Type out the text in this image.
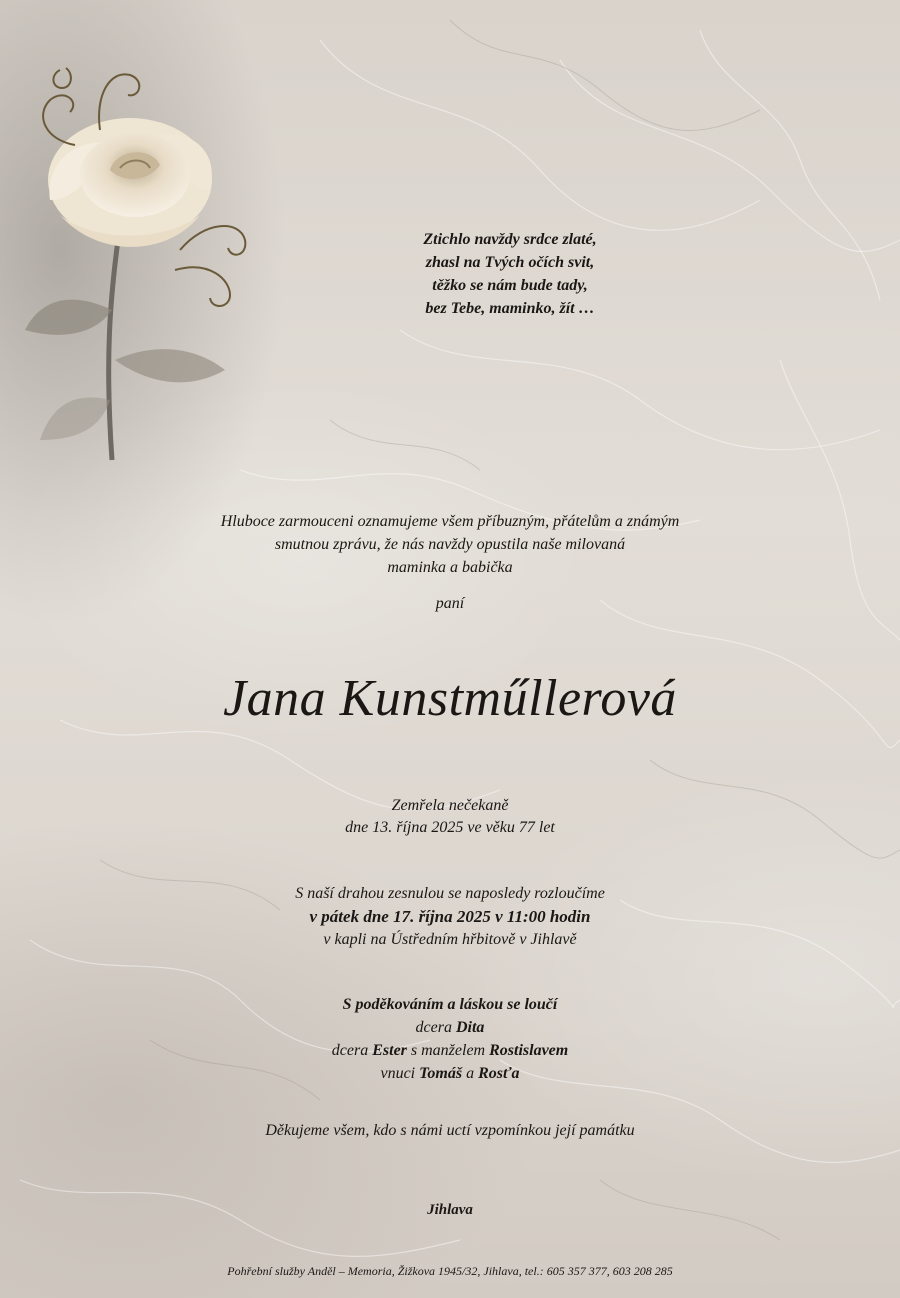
Ztichlo navždy srdce zlaté,
zhasl na Tvých očích svit,
těžko se nám bude tady,
bez Tebe, maminko, žít …
Hluboce zarmouceni oznamujeme všem příbuzným, přátelům a známým
smutnou zprávu, že nás navždy opustila naše milovaná
maminka a babička
paní
Jana Kunstműllerová
Zemřela nečekaně
dne 13. října 2025 ve věku 77 let
S naší drahou zesnulou se naposledy rozloučíme
v pátek dne 17. října 2025 v 11:00 hodin
v kapli na Ústředním hřbitově v Jihlavě
S poděkováním a láskou se loučí
dcera Dita
dcera Ester s manželem Rostislavem
vnuci Tomáš a Rosťa
Děkujeme všem, kdo s námi uctí vzpomínkou její památku
Jihlava
Pohřební služby Anděl – Memoria, Žižkova 1945/32, Jihlava, tel.: 605 357 377, 603 208 285
